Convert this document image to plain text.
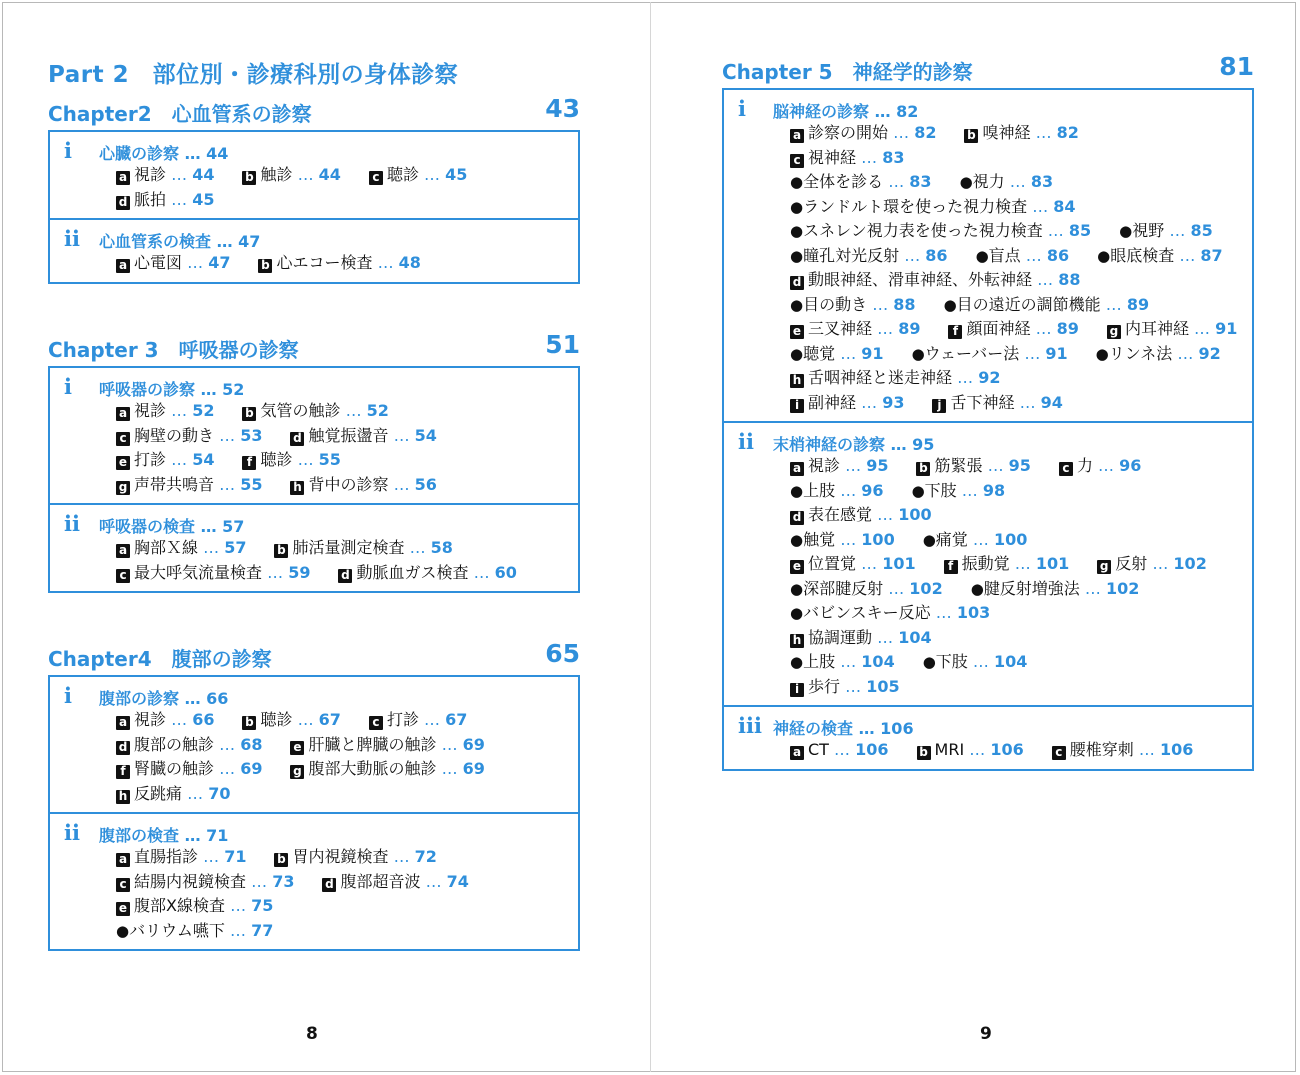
Part 2　部位別・診療科別の身体診察
Chapter2　心血管系の診察	43
i 心臓の診察 … 44
a 視診 … 44	b 触診 … 44	c 聴診 … 45
d 脈拍 … 45
ii 心血管系の検査 … 47
a 心電図 … 47	b 心エコー検査 … 48
Chapter 3　呼吸器の診察	51
i 呼吸器の診察 … 52
a 視診 … 52	b 気管の触診 … 52
c 胸壁の動き … 53	d 触覚振盪音 … 54
e 打診 … 54	f 聴診 … 55
g 声帯共鳴音 … 55	h 背中の診察 … 56
ii 呼吸器の検査 … 57
a 胸部Ｘ線 … 57	b 肺活量測定検査 … 58
c 最大呼気流量検査 … 59	d 動脈血ガス検査 … 60
Chapter4　腹部の診察	65
i 腹部の診察 … 66
a 視診 … 66	b 聴診 … 67	c 打診 … 67
d 腹部の触診 … 68	e 肝臓と脾臓の触診 … 69
f 腎臓の触診 … 69	g 腹部大動脈の触診 … 69
h 反跳痛 … 70
ii 腹部の検査 … 71
a 直腸指診 … 71	b 胃内視鏡検査 … 72
c 結腸内視鏡検査 … 73	d 腹部超音波 … 74
e 腹部X線検査 … 75
●バリウム嚥下 … 77
Chapter 5　神経学的診察	81
i 脳神経の診察 … 82
a 診察の開始 … 82	b 嗅神経 … 82
c 視神経 … 83
●全体を診る … 83 ●視力 … 83
●ランドルト環を使った視力検査 … 84
●スネレン視力表を使った視力検査 … 85 ●視野 … 85
●瞳孔対光反射 … 86 ●盲点 … 86 ●眼底検査 … 87
d 動眼神経、滑車神経、外転神経 … 88
●目の動き … 88 ●目の遠近の調節機能 … 89
e 三叉神経 … 89	f 顔面神経 … 89	g 内耳神経 … 91
●聴覚 … 91 ●ウェーバー法 … 91 ●リンネ法 … 92
h 舌咽神経と迷走神経 … 92
i 副神経 … 93	j 舌下神経 … 94
ii 末梢神経の診察 … 95
a 視診 … 95	b 筋緊張 … 95	c 力 … 96
●上肢 … 96 ●下肢 … 98
d 表在感覚 … 100
●触覚 … 100 ●痛覚 … 100
e 位置覚 … 101	f 振動覚 … 101	g 反射 … 102
●深部腱反射 … 102 ●腱反射増強法 … 102
●バビンスキー反応 … 103
h 協調運動 … 104
●上肢 … 104 ●下肢 … 104
i 歩行 … 105
iii 神経の検査 … 106
a CT … 106	b MRI … 106	c 腰椎穿刺 … 106
8	9
